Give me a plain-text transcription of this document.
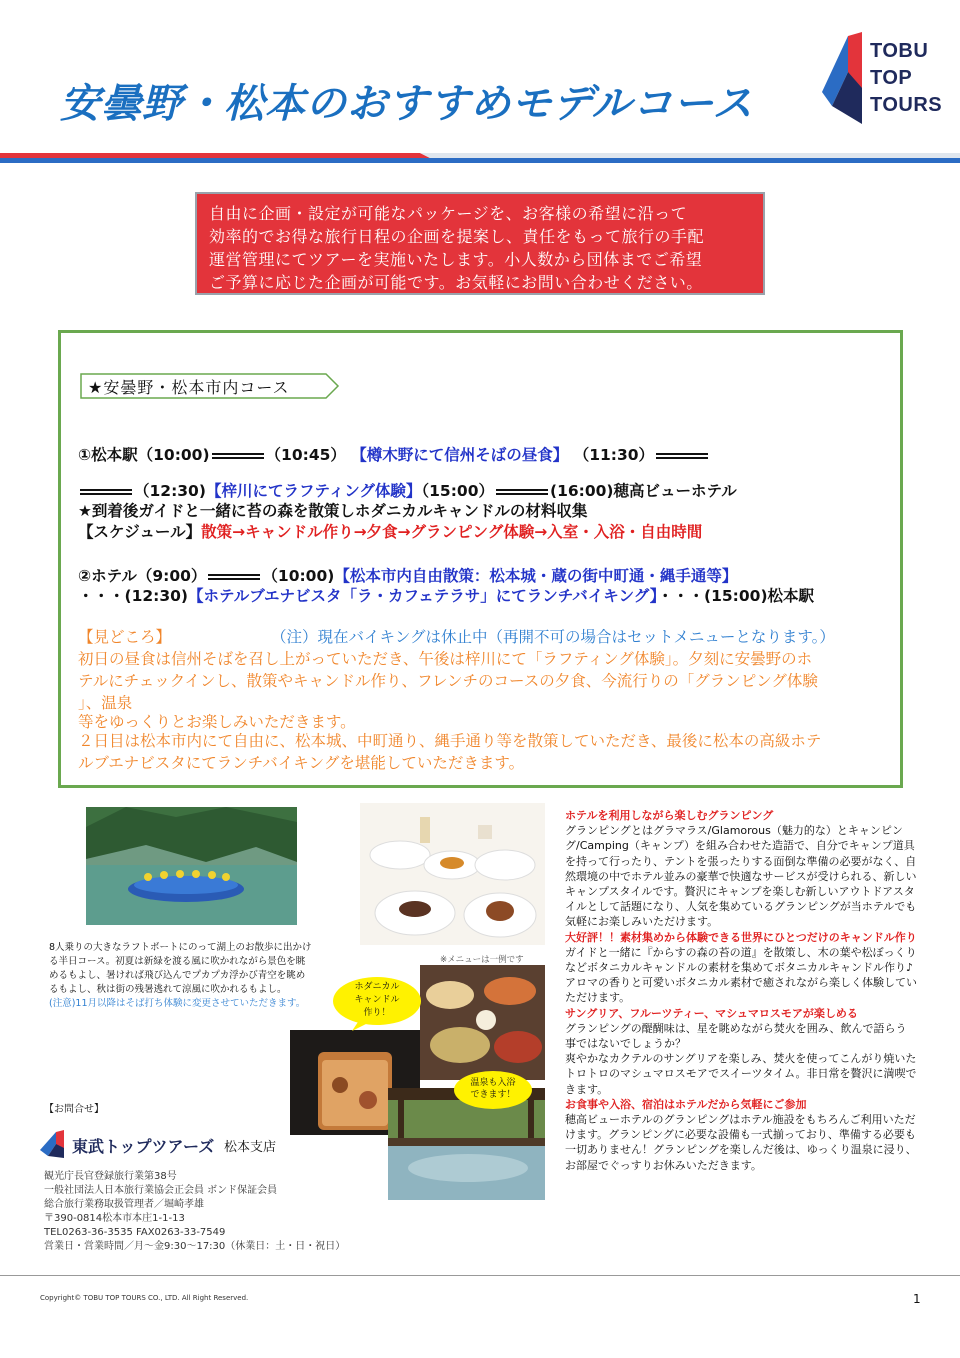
安曇野・松本のおすすめモデルコース
TOBU
TOP
TOURS
自由に企画・設定が可能なパッケージを、お客様の希望に沿って
効率的でお得な旅行日程の企画を提案し、責任をもって旅行の手配
運営管理にてツアーを実施いたします。小人数から団体までご希望
ご予算に応じた企画が可能です。お気軽にお問い合わせください。
★安曇野・松本市内コース
①松本駅（10:00)	（10:45） 【樽木野にて信州そばの昼食】 （11:30）
（12:30)【梓川にてラフティング体験】（15:00）	(16:00)穂高ビューホテル
★到着後ガイドと一緒に苔の森を散策しホダニカルキャンドルの材料収集
【スケジュール】散策→キャンドル作り→夕食→グランピング体験→入室・入浴・自由時間
②ホテル（9:00）	（10:00)【松本市内自由散策：松本城・蔵の街中町通・縄手通等】
・・・(12:30)【ホテルブエナビスタ「ラ・カフェテラサ」にてランチバイキング】・・・(15:00)松本駅
【見どころ】	（注）現在バイキングは休止中（再開不可の場合はセットメニューとなります。）
初日の昼食は信州そばを召し上がっていただき、午後は梓川にて「ラフティング体験」。夕刻に安曇野のホ
テルにチェックインし、散策やキャンドル作り、フレンチのコースの夕食、今流行りの「グランピング体験
」、温泉
等をゆっくりとお楽しみいただきます。
２日目は松本市内にて自由に、松本城、中町通り、縄手通り等を散策していただき、最後に松本の高級ホテ
ルブエナビスタにてランチバイキングを堪能していただきます。
8人乗りの大きなラフトボートにのって湖上のお散歩に出かけ
る半日コース。初夏は新緑を渡る風に吹かれながら景色を眺
めるもよし、暑ければ飛び込んでプカプカ浮かび青空を眺め
るもよし、秋は街の残暑逃れて涼風に吹かれるもよし。
(注意)11月以降はそば打ち体験に変更させていただきます。
※メニューは一例です
ホダニカル
キャンドル
作り！
温泉も入浴
できます！
ホテルを利用しながら楽しむグランピング
グランピングとはグラマラス/Glamorous（魅力的な）とキャンピング/Camping（キャンプ）を組み合わせた造語で、自分でキャンプ道具を持って行ったり、テントを張ったりする面倒な準備の必要がなく、自然環境の中でホテル並みの豪華で快適なサービスが受けられる、新しいキャンプスタイルです。贅沢にキャンプを楽しむ新しいアウトドアスタイルとして話題になり、人気を集めているグランピングが当ホテルでも気軽にお楽しみいただけます。
大好評！！素材集めから体験できる世界にひとつだけのキャンドル作り
ガイドと一緒に『からすの森の苔の道』を散策し、木の葉や松ぼっくりなどボタニカルキャンドルの素材を集めてボタニカルキャンドル作り♪
アロマの香りと可愛いボタニカル素材で癒されながら楽しく体験していただけます。
サングリア、フルーツティー、マシュマロスモアが楽しめる
グランピングの醍醐味は、星を眺めながら焚火を囲み、飲んで語らう事ではないでしょうか？
爽やかなカクテルのサングリアを楽しみ、焚火を使ってこんがり焼いたトロトロのマシュマロスモアでスイーツタイム。非日常を贅沢に満喫できます。
お食事や入浴、宿泊はホテルだから気軽にご参加
穂高ビューホテルのグランピングはホテル施設をもちろんご利用いただけます。グランピングに必要な設備も一式揃っており、準備する必要も一切ありません！グランピングを楽しんだ後は、ゆっくり温泉に浸り、お部屋でぐっすりお休みいただきます。
【お問合せ】
東武トップツアーズ 松本支店
観光庁長官登録旅行業第38号
一般社団法人日本旅行業協会正会員 ボンド保証会員
総合旅行業務取扱管理者／堀崎孝雄
〒390-0814松本市本庄1-1-13
TEL0263-36-3535 FAX0263-33-7549
営業日・営業時間／月～金9:30～17:30（休業日：土・日・祝日）
Copyright© TOBU TOP TOURS CO., LTD. All Right Reserved.	1
